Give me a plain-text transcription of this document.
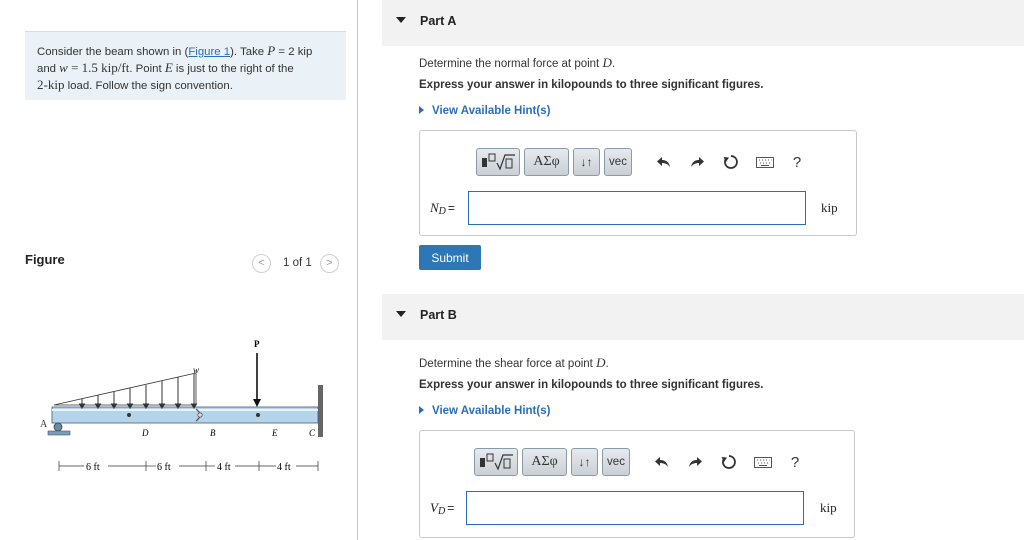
Consider the beam shown in (Figure 1). Take P = 2 kip
and w = 1.5 kip/ft. Point E is just to the right of the
2-kip load. Follow the sign convention.
Figure	<	1 of 1	>
w
P
A
D	B	E	C
6 ft	6 ft	4 ft	4 ft
Part A
Determine the normal force at point D.
Express your answer in kilopounds to three significant figures.
View Available Hint(s)
ΑΣφ	↓↑	vec	?
$N_D$ =	kip
Submit
Part B
Determine the shear force at point D.
Express your answer in kilopounds to three significant figures.
View Available Hint(s)
ΑΣφ	↓↑	vec	?
$V_D$ =	kip
